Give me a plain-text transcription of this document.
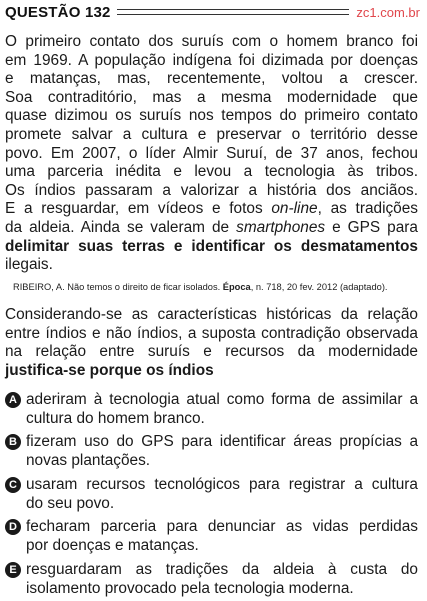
QUESTÃO 132	zc1.com.br
O primeiro contato dos suruís com o homem branco foi
em 1969. A população indígena foi dizimada por doenças
e matanças, mas, recentemente, voltou a crescer.
Soa contraditório, mas a mesma modernidade que
quase dizimou os suruís nos tempos do primeiro contato
promete salvar a cultura e preservar o território desse
povo. Em 2007, o líder Almir Suruí, de 37 anos, fechou
uma parceria inédita e levou a tecnologia às tribos.
Os índios passaram a valorizar a história dos anciãos.
E a resguardar, em vídeos e fotos on-line, as tradições
da aldeia. Ainda se valeram de smartphones e GPS para
delimitar suas terras e identificar os desmatamentos
ilegais.
RIBEIRO, A. Não temos o direito de ficar isolados. Época, n. 718, 20 fev. 2012 (adaptado).
Considerando-se as características históricas da relação
entre índios e não índios, a suposta contradição observada
na relação entre suruís e recursos da modernidade
justifica-se porque os índios
A aderiram à tecnologia atual como forma de assimilar a
cultura do homem branco.
B fizeram uso do GPS para identificar áreas propícias a
novas plantações.
C usaram recursos tecnológicos para registrar a cultura
do seu povo.
D fecharam parceria para denunciar as vidas perdidas
por doenças e matanças.
E resguardaram as tradições da aldeia à custa do
isolamento provocado pela tecnologia moderna.
